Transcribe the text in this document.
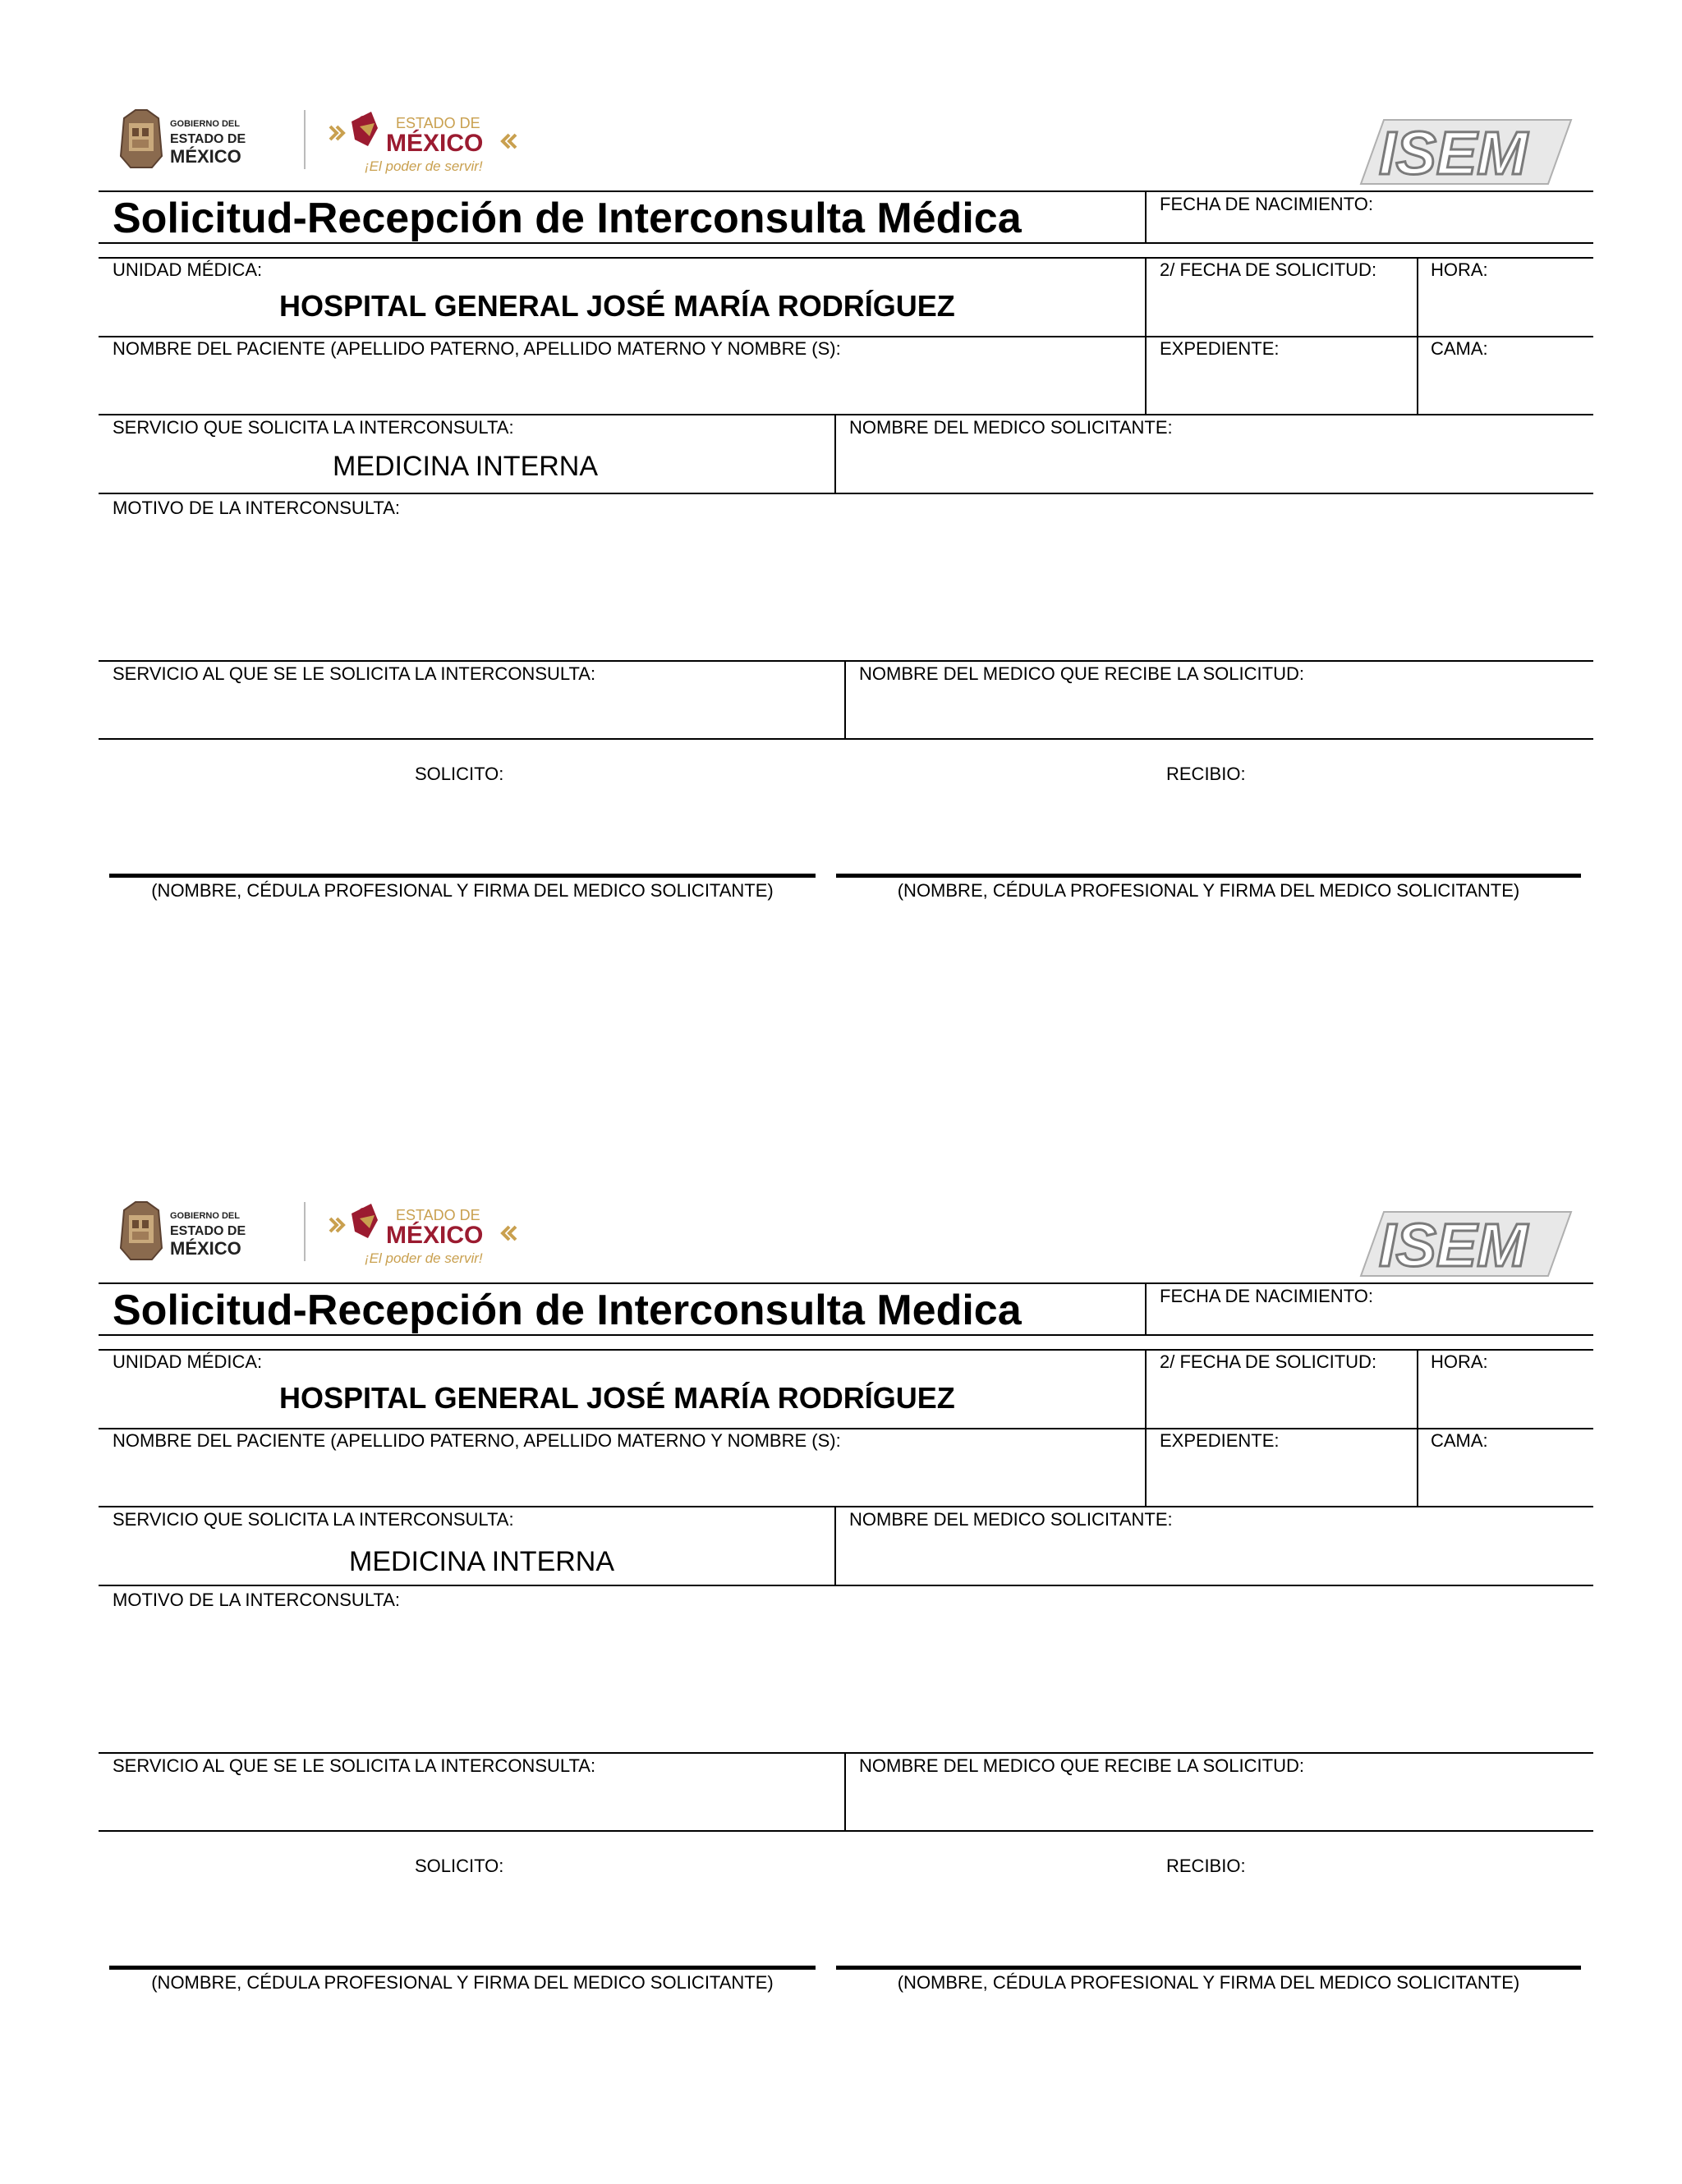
GOBIERNO DEL
ESTADO DE
MÉXICO
ESTADO DE
MÉXICO
¡El poder de servir!	ISEM
Solicitud-Recepción de Interconsulta Médica	FECHA DE NACIMIENTO:
UNIDAD MÉDICA:
HOSPITAL GENERAL JOSÉ MARÍA RODRÍGUEZ
2/ FECHA DE SOLICITUD:	HORA:
NOMBRE DEL PACIENTE (APELLIDO PATERNO, APELLIDO MATERNO Y NOMBRE (S):	EXPEDIENTE:	CAMA:
SERVICIO QUE SOLICITA LA INTERCONSULTA:
MEDICINA INTERNA
NOMBRE DEL MEDICO SOLICITANTE:
MOTIVO DE LA INTERCONSULTA:
SERVICIO AL QUE SE LE SOLICITA LA INTERCONSULTA:	NOMBRE DEL MEDICO QUE RECIBE LA SOLICITUD:
SOLICITO:	RECIBIO:
(NOMBRE, CÉDULA PROFESIONAL Y FIRMA DEL MEDICO SOLICITANTE)	(NOMBRE, CÉDULA PROFESIONAL Y FIRMA DEL MEDICO SOLICITANTE)
GOBIERNO DEL
ESTADO DE
MÉXICO
ESTADO DE
MÉXICO
¡El poder de servir!	ISEM
Solicitud-Recepción de Interconsulta Medica	FECHA DE NACIMIENTO:
UNIDAD MÉDICA:
HOSPITAL GENERAL JOSÉ MARÍA RODRÍGUEZ
2/ FECHA DE SOLICITUD:	HORA:
NOMBRE DEL PACIENTE (APELLIDO PATERNO, APELLIDO MATERNO Y NOMBRE (S):	EXPEDIENTE:	CAMA:
SERVICIO QUE SOLICITA LA INTERCONSULTA:
MEDICINA INTERNA
NOMBRE DEL MEDICO SOLICITANTE:
MOTIVO DE LA INTERCONSULTA:
SERVICIO AL QUE SE LE SOLICITA LA INTERCONSULTA:	NOMBRE DEL MEDICO QUE RECIBE LA SOLICITUD:
SOLICITO:	RECIBIO:
(NOMBRE, CÉDULA PROFESIONAL Y FIRMA DEL MEDICO SOLICITANTE)	(NOMBRE, CÉDULA PROFESIONAL Y FIRMA DEL MEDICO SOLICITANTE)
